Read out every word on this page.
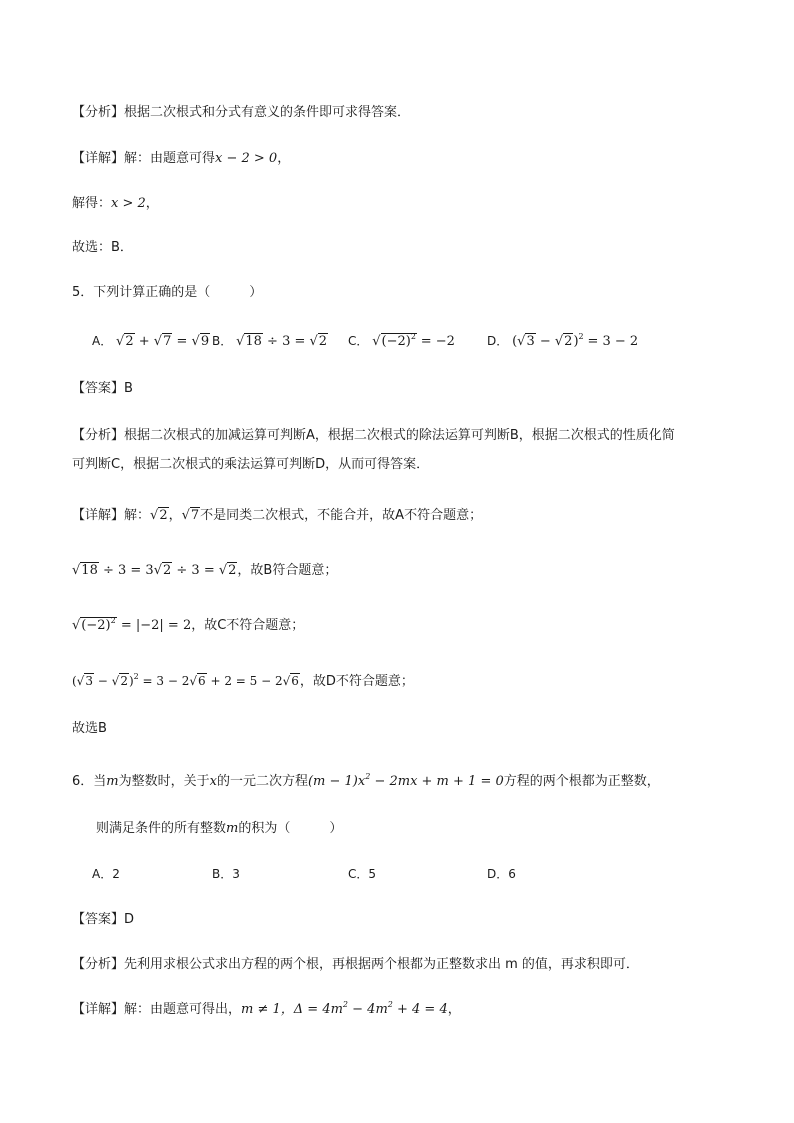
【分析】根据二次根式和分式有意义的条件即可求得答案．
【详解】解：由题意可得x − 2 > 0，
解得：x > 2，
故选：B．
5．下列计算正确的是（　　　）
A． √2 + √7 = √9 B． √18 ÷ 3 = √2 C． $√(-2)^2 = -2$	D． $(√3 - √2)^2 = 3 - 2$
【答案】B
【分析】根据二次根式的加减运算可判断A，根据二次根式的除法运算可判断B，根据二次根式的性质化简
可判断C，根据二次根式的乘法运算可判断D，从而可得答案．
【详解】解：√2，√7不是同类二次根式，不能合并，故A不符合题意；
√18 ÷ 3 = 3√2 ÷ 3 = √2，故B符合题意；
$√(-2)^2 = |-2| = 2$，故C不符合题意；
$(√3 - √2)^2 = 3 - 2√6 + 2 = 5 - 2√6$，故D不符合题意；
故选B
6．当m为整数时，关于x的一元二次方程$(m - 1)x^2 - 2mx + m + 1 = 0$方程的两个根都为正整数，
则满足条件的所有整数m的积为（　　　）
A．2	B．3	C．5	D．6
【答案】D
【分析】先利用求根公式求出方程的两个根，再根据两个根都为正整数求出 m 的值，再求积即可．
【详解】解：由题意可得出，m ≠ 1，$\Delta = 4m^2 - 4m^2 + 4 = 4$，
